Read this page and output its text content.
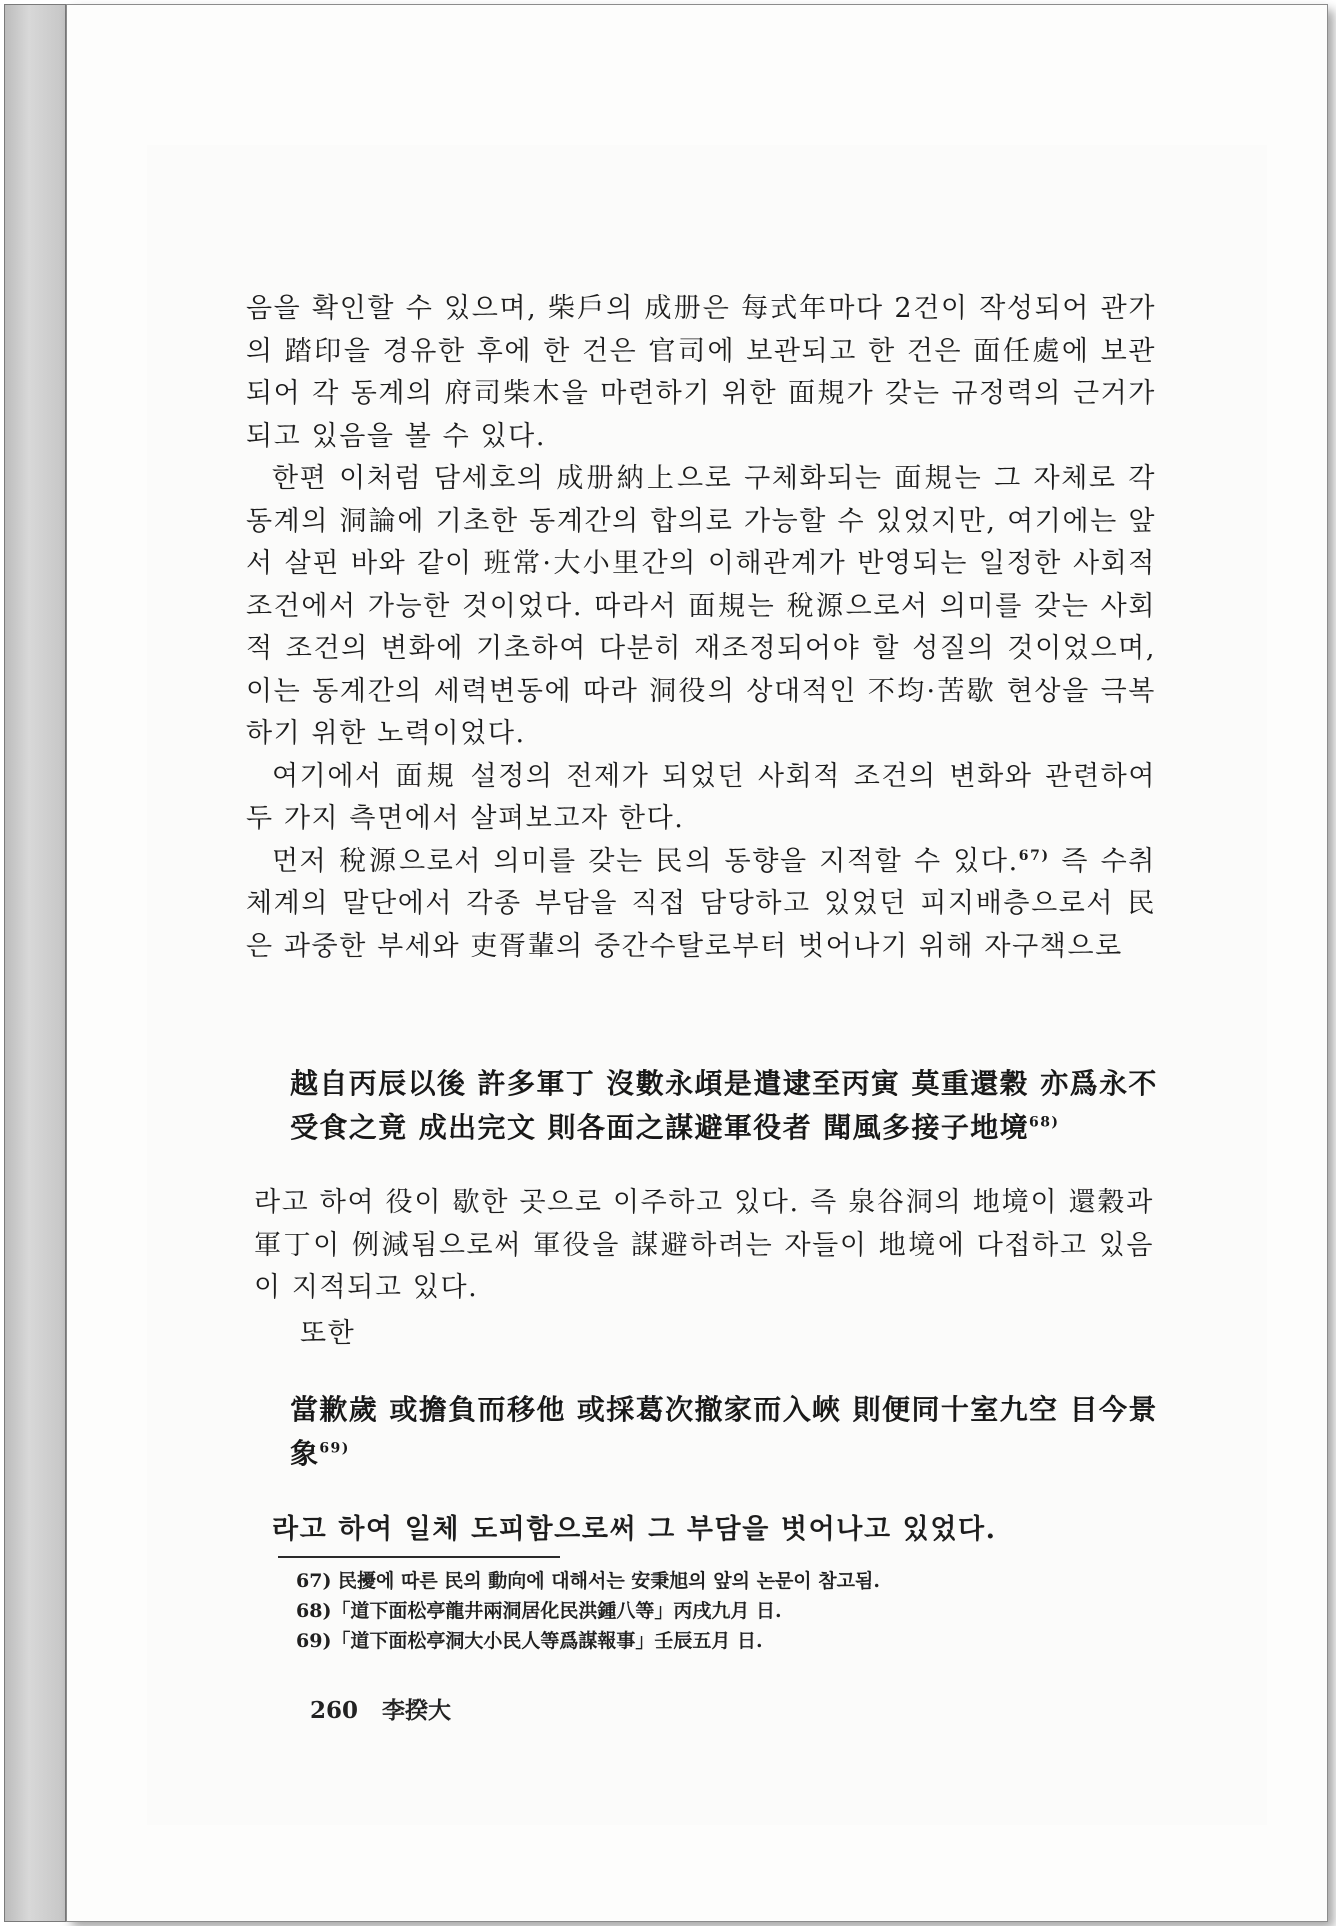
음을 확인할 수 있으며, 柴戶의 成册은 每式年마다 2건이 작성되어 관가의 踏印을 경유한 후에 한 건은 官司에 보관되고 한 건은 面任處에 보관되어 각 동계의 府司柴木을 마련하기 위한 面規가 갖는 규정력의 근거가 되고 있음을 볼 수 있다.

한편 이처럼 담세호의 成册納上으로 구체화되는 面規는 그 자체로 각 동계의 洞論에 기초한 동계간의 합의로 가능할 수 있었지만, 여기에는 앞서 살핀 바와 같이 班常·大小里간의 이해관계가 반영되는 일정한 사회적 조건에서 가능한 것이었다. 따라서 面規는 稅源으로서 의미를 갖는 사회적 조건의 변화에 기초하여 다분히 재조정되어야 할 성질의 것이었으며, 이는 동계간의 세력변동에 따라 洞役의 상대적인 不均·苦歇 현상을 극복하기 위한 노력이었다.

여기에서 面規 설정의 전제가 되었던 사회적 조건의 변화와 관련하여 두 가지 측면에서 살펴보고자 한다.

먼저 稅源으로서 의미를 갖는 民의 동향을 지적할 수 있다.$^{67)}$ 즉 수취체계의 말단에서 각종 부담을 직접 담당하고 있었던 피지배층으로서 民은 과중한 부세와 吏胥輩의 중간수탈로부터 벗어나기 위해 자구책으로

越自丙辰以後 許多軍丁 沒數永頉是遣逮至丙寅 莫重還穀 亦爲永不
受食之竟 成出完文 則各面之謀避軍役者 聞風多接子地境$^{68)}$

라고 하여 役이 歇한 곳으로 이주하고 있다. 즉 泉谷洞의 地境이 還穀과 軍丁이 例減됨으로써 軍役을 謀避하려는 자들이 地境에 다접하고 있음이 지적되고 있다.

또한
當歉歲 或擔負而移他 或採葛次撤家而入峽 則便同十室九空 目今景
象$^{69)}$
라고 하여 일체 도피함으로써 그 부담을 벗어나고 있었다.
67) 民擾에 따른 民의 動向에 대해서는 安秉旭의 앞의 논문이 참고됨.
68)「道下面松亭龍井兩洞居化民洪鍾八等」丙戌九月 日.
69)「道下面松亭洞大小民人等爲謀報事」壬辰五月 日.
260 李揆大
